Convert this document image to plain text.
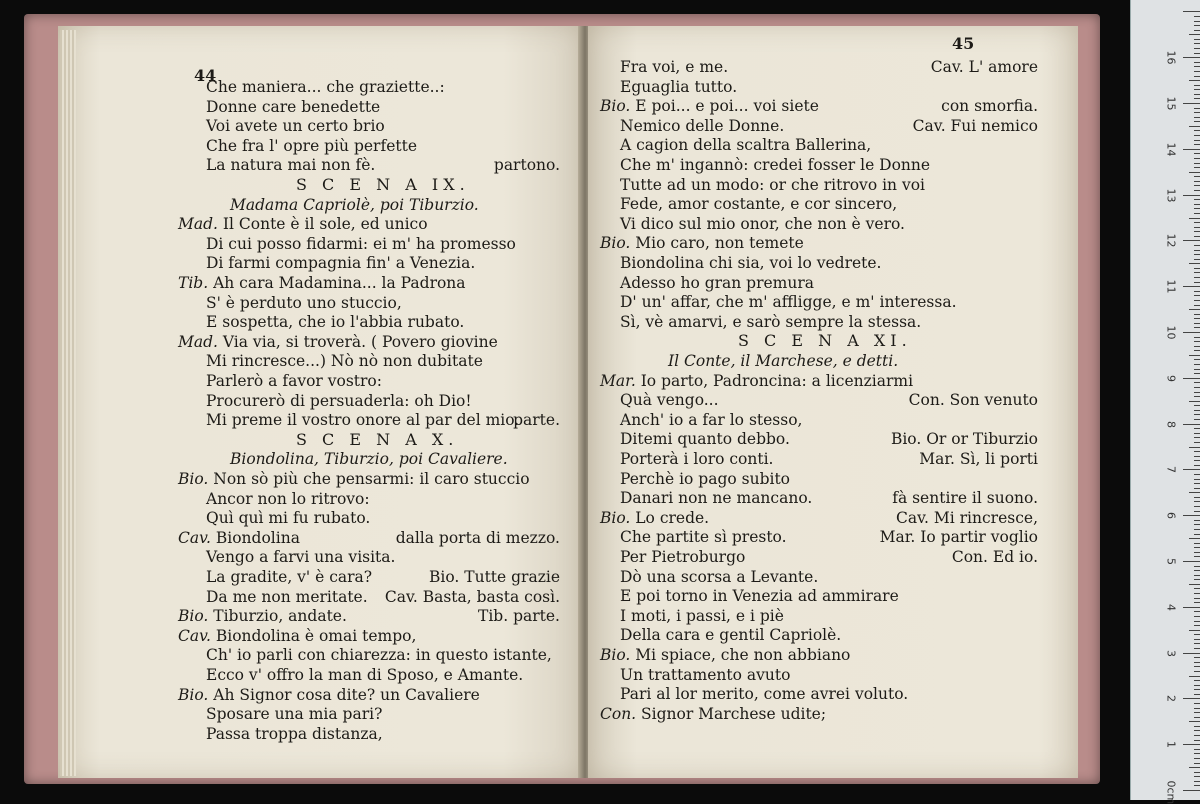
44
Che maniera... che graziette..:
Donne care benedette
Voi avete un certo brio
Che fra l' opre più perfette
La natura mai non fè.	partono.
S C E N A IX.
Madama Capriolè, poi Tiburzio.
Mad. Il Conte è il sole, ed unico
Di cui posso fidarmi: ei m' ha promesso
Di farmi compagnia fin' a Venezia.
Tib. Ah cara Madamina... la Padrona
S' è perduto uno stuccio,
E sospetta, che io l'abbia rubato.
Mad. Via via, si troverà. ( Povero giovine
Mi rincresce...) Nò nò non dubitate
Parlerò a favor vostro:
Procurerò di persuaderla: oh Dio!
Mi preme il vostro onore al par del mio.
parte.
S C E N A X.
Biondolina, Tiburzio, poi Cavaliere.
Bio. Non sò più che pensarmi: il caro stuccio
Ancor non lo ritrovo:
Quì quì mi fu rubato.
Cav. Biondolina	dalla porta di mezzo.
Vengo a farvi una visita.
La gradite, v' è cara?	Bio. Tutte grazie
Da me non meritate. Cav. Basta, basta così.
Bio. Tiburzio, andate.	Tib. parte.
Cav. Biondolina è omai tempo,
Ch' io parli con chiarezza: in questo istante,
Ecco v' offro la man di Sposo, e Amante.
Bio. Ah Signor cosa dite? un Cavaliere
Sposare una mia pari?
Passa troppa distanza,
45
Fra voi, e me.	Cav. L' amore
Eguaglia tutto.
Bio. E poi... e poi... voi siete	con smorfia.
Nemico delle Donne.	Cav. Fui nemico
A cagion della scaltra Ballerina,
Che m' ingannò: credei fosser le Donne
Tutte ad un modo: or che ritrovo in voi
Fede, amor costante, e cor sincero,
Vi dico sul mio onor, che non è vero.
Bio. Mio caro, non temete
Biondolina chi sia, voi lo vedrete.
Adesso ho gran premura
D' un' affar, che m' affligge, e m' interessa.
Sì, vè amarvi, e sarò sempre la stessa.
S C E N A XI.
Il Conte, il Marchese, e detti.
Mar. Io parto, Padroncina: a licenziarmi
Quà vengo...	Con. Son venuto
Anch' io a far lo stesso,
Ditemi quanto debbo.	Bio. Or or Tiburzio
Porterà i loro conti.	Mar. Sì, li porti
Perchè io pago subito
Danari non ne mancano.	fà sentire il suono.
Bio. Lo crede.	Cav. Mi rincresce,
Che partite sì presto.	Mar. Io partir voglio
Per Pietroburgo	Con. Ed io.
Dò una scorsa a Levante.
E poi torno in Venezia ad ammirare
I moti, i passi, e i piè
Della cara e gentil Capriolè.
Bio. Mi spiace, che non abbiano
Un trattamento avuto
Pari al lor merito, come avrei voluto.
Con. Signor Marchese udite;
0cm
1
2
3
4
5
6
7
8
9
10
11
12
13
14
15
16
